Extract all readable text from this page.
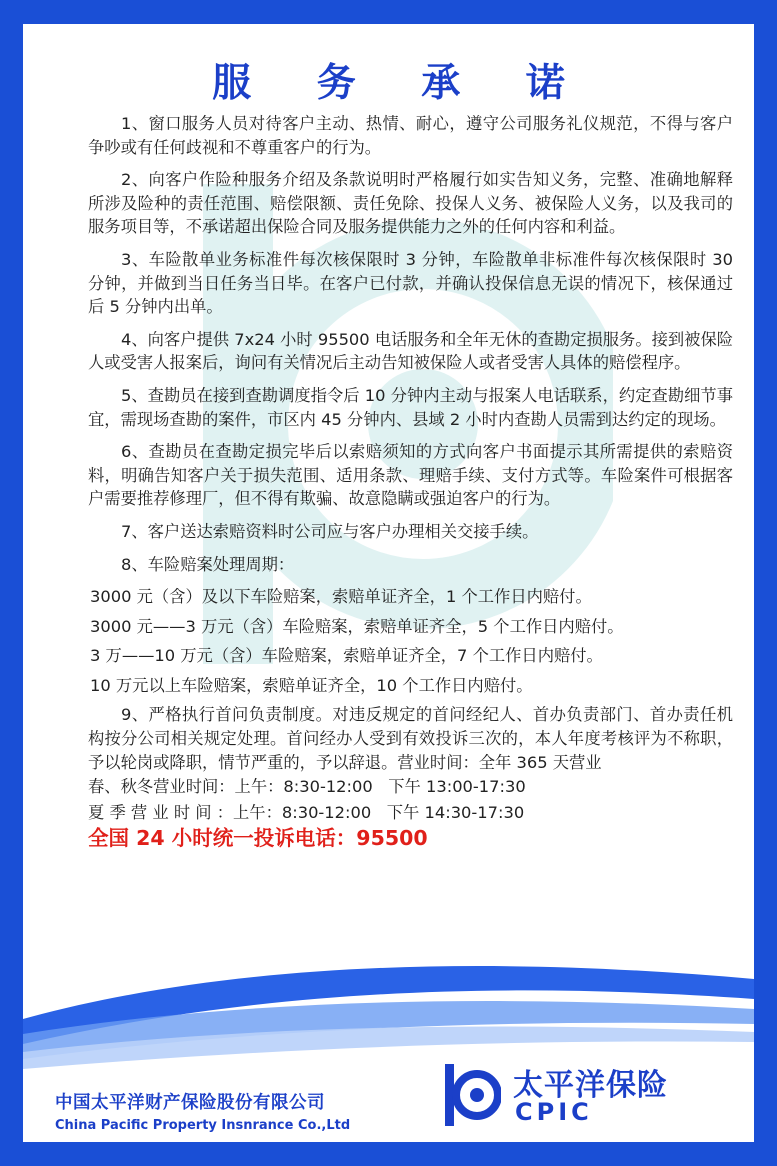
服 务 承 诺

1、窗口服务人员对待客户主动、热情、耐心，遵守公司服务礼仪规范，不得与客户争吵或有任何歧视和不尊重客户的行为。

2、向客户作险种服务介绍及条款说明时严格履行如实告知义务，完整、准确地解释所涉及险种的责任范围、赔偿限额、责任免除、投保人义务、被保险人义务，以及我司的服务项目等，不承诺超出保险合同及服务提供能力之外的任何内容和利益。

3、车险散单业务标准件每次核保限时 3 分钟，车险散单非标准件每次核保限时 30 分钟，并做到当日任务当日毕。在客户已付款，并确认投保信息无误的情况下，核保通过后 5 分钟内出单。

4、向客户提供 7x24 小时 95500 电话服务和全年无休的查勘定损服务。接到被保险人或受害人报案后，询问有关情况后主动告知被保险人或者受害人具体的赔偿程序。

5、查勘员在接到查勘调度指令后 10 分钟内主动与报案人电话联系，约定查勘细节事宜，需现场查勘的案件，市区内 45 分钟内、县域 2 小时内查勘人员需到达约定的现场。

6、查勘员在查勘定损完毕后以索赔须知的方式向客户书面提示其所需提供的索赔资料，明确告知客户关于损失范围、适用条款、理赔手续、支付方式等。车险案件可根据客户需要推荐修理厂，但不得有欺骗、故意隐瞒或强迫客户的行为。

7、客户送达索赔资料时公司应与客户办理相关交接手续。

8、车险赔案处理周期：

3000 元（含）及以下车险赔案，索赔单证齐全，1 个工作日内赔付。

3000 元——3 万元（含）车险赔案，索赔单证齐全，5 个工作日内赔付。

3 万——10 万元（含）车险赔案，索赔单证齐全，7 个工作日内赔付。

10 万元以上车险赔案，索赔单证齐全，10 个工作日内赔付。

9、严格执行首问负责制度。对违反规定的首问经纪人、首办负责部门、首办责任机构按分公司相关规定处理。首问经办人受到有效投诉三次的，本人年度考核评为不称职，予以轮岗或降职，情节严重的，予以辞退。营业时间：全年 365 天营业

春、秋冬营业时间：上午：8:30-12:00   下午 13:00-17:30

夏 季 营 业 时 间 ：上午：8:30-12:00   下午 14:30-17:30

全国 24 小时统一投诉电话：95500
中国太平洋财产保险股份有限公司
China Pacific Property Insnrance Co.,Ltd
太平洋保险
CPIC
